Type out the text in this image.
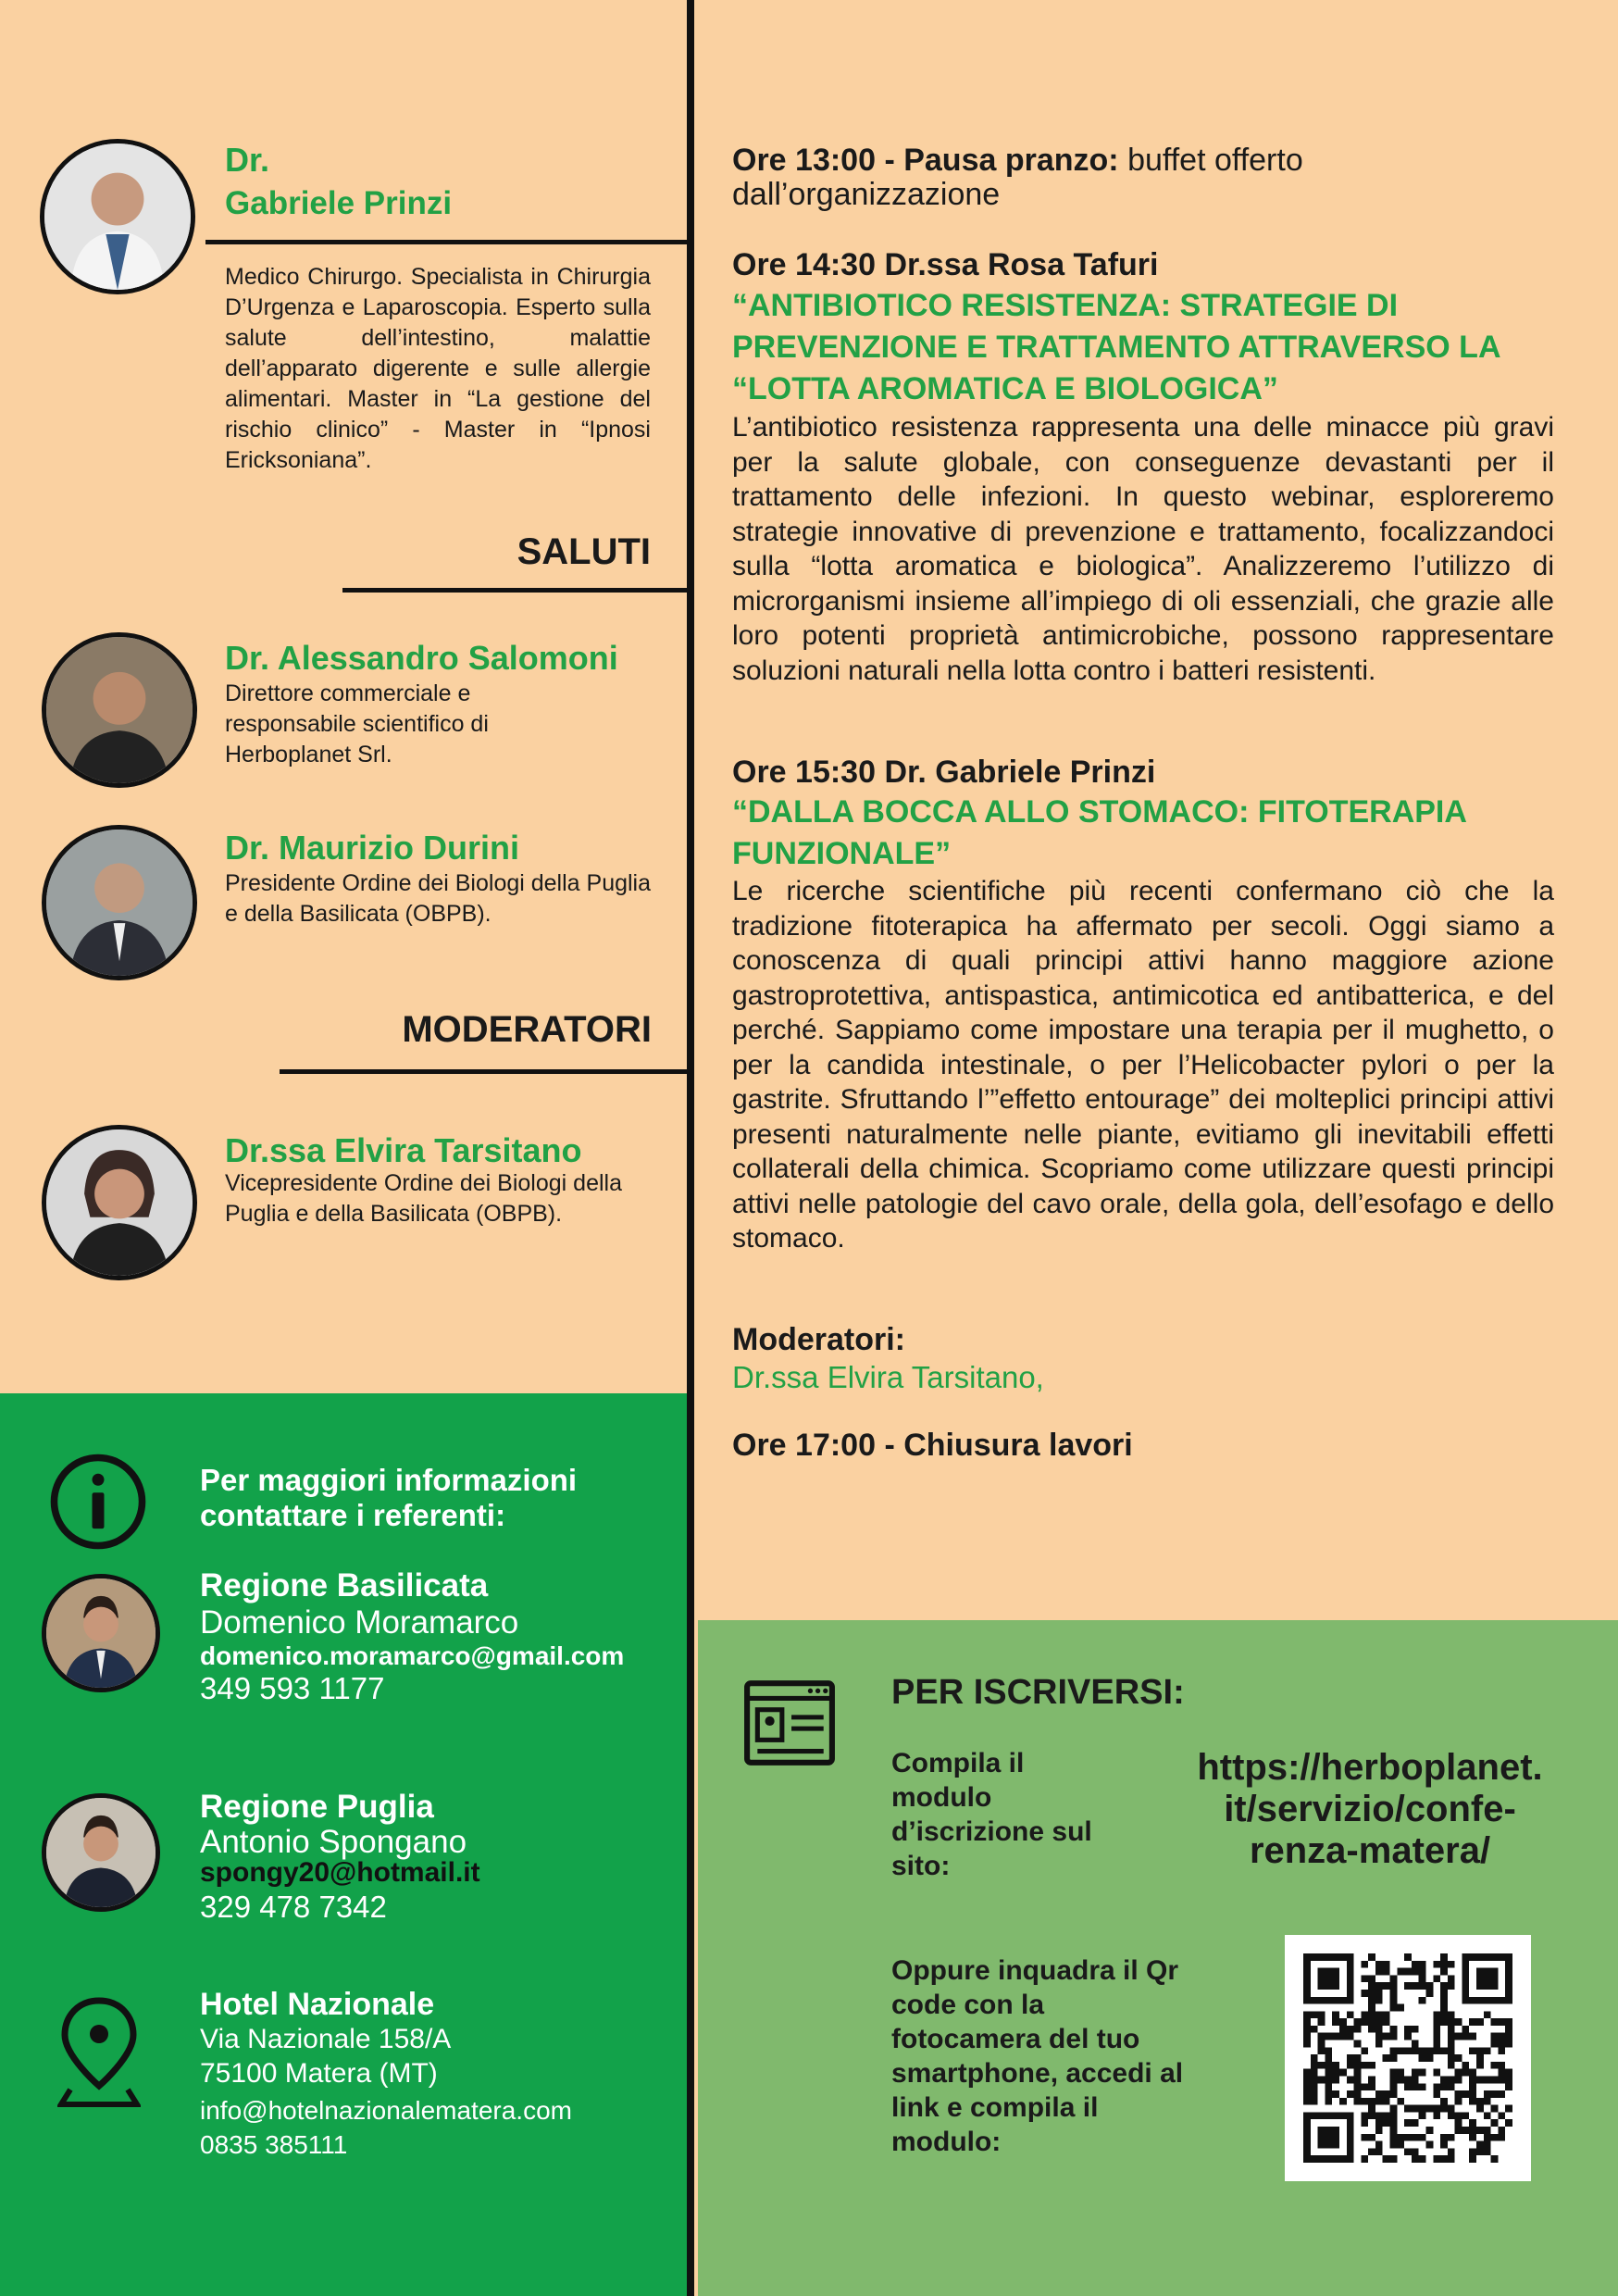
Dr.
Gabriele Prinzi
Medico Chirurgo. Specialista in Chirurgia D’Urgenza e Laparoscopia. Esperto sulla salute dell’intestino, malattie dell’apparato digerente e sulle allergie alimentari. Master in “La gestione del rischio clinico” - Master in “Ipnosi Ericksoniana”.
SALUTI
Dr. Alessandro Salomoni
Direttore commerciale e responsabile scientifico di Herboplanet Srl.
Dr. Maurizio Durini
Presidente Ordine dei Biologi della Puglia e della Basilicata (OBPB).
MODERATORI
Dr.ssa Elvira Tarsitano
Vicepresidente Ordine dei Biologi della Puglia e della Basilicata (OBPB).
Ore 13:00 - Pausa pranzo: buffet offerto dall’organizzazione
Ore 14:30 Dr.ssa Rosa Tafuri
“ANTIBIOTICO RESISTENZA: STRATEGIE DI PREVENZIONE E TRATTAMENTO ATTRAVERSO LA “LOTTA AROMATICA E BIOLOGICA”
L’antibiotico resistenza rappresenta una delle minacce più gravi per la salute globale, con conseguenze devastanti per il trattamento delle infezioni. In questo webinar, esploreremo strategie innovative di prevenzione e trattamento, focalizzandoci sulla “lotta aromatica e biologica”. Analizzeremo l’utilizzo di microrganismi insieme all’impiego di oli essenziali, che grazie alle loro potenti proprietà antimicrobiche, possono rappresentare soluzioni naturali nella lotta contro i batteri resistenti.
Ore 15:30 Dr. Gabriele Prinzi
“DALLA BOCCA ALLO STOMACO: FITOTERAPIA FUNZIONALE”
Le ricerche scientifiche più recenti confermano ciò che la tradizione fitoterapica ha affermato per secoli. Oggi siamo a conoscenza di quali principi attivi hanno maggiore azione gastroprotettiva, antispastica, antimicotica ed antibatterica, e del perché. Sappiamo come impostare una terapia per il mughetto, o per la candida intestinale, o per l’Helicobacter pylori o per la gastrite. Sfruttando l’”effetto entourage” dei molteplici principi attivi presenti naturalmente nelle piante, evitiamo gli inevitabili effetti collaterali della chimica. Scopriamo come utilizzare questi principi attivi nelle patologie del cavo orale, della gola, dell’esofago e dello stomaco.
Moderatori:
Dr.ssa Elvira Tarsitano,
Ore 17:00 - Chiusura lavori
Per maggiori informazioni contattare i referenti:
Regione Basilicata
Domenico Moramarco
domenico.moramarco@gmail.com
349 593 1177
Regione Puglia
Antonio Spongano
spongy20@hotmail.it
329 478 7342
Hotel Nazionale
Via Nazionale 158/A
75100 Matera (MT)
info@hotelnazionalematera.com
0835 385111
PER ISCRIVERSI:
Compila il modulo d’iscrizione sul sito:
https://herboplanet.
it/servizio/confe-
renza-matera/
Oppure inquadra il Qr code con la fotocamera del tuo smartphone, accedi al link e compila il modulo:
